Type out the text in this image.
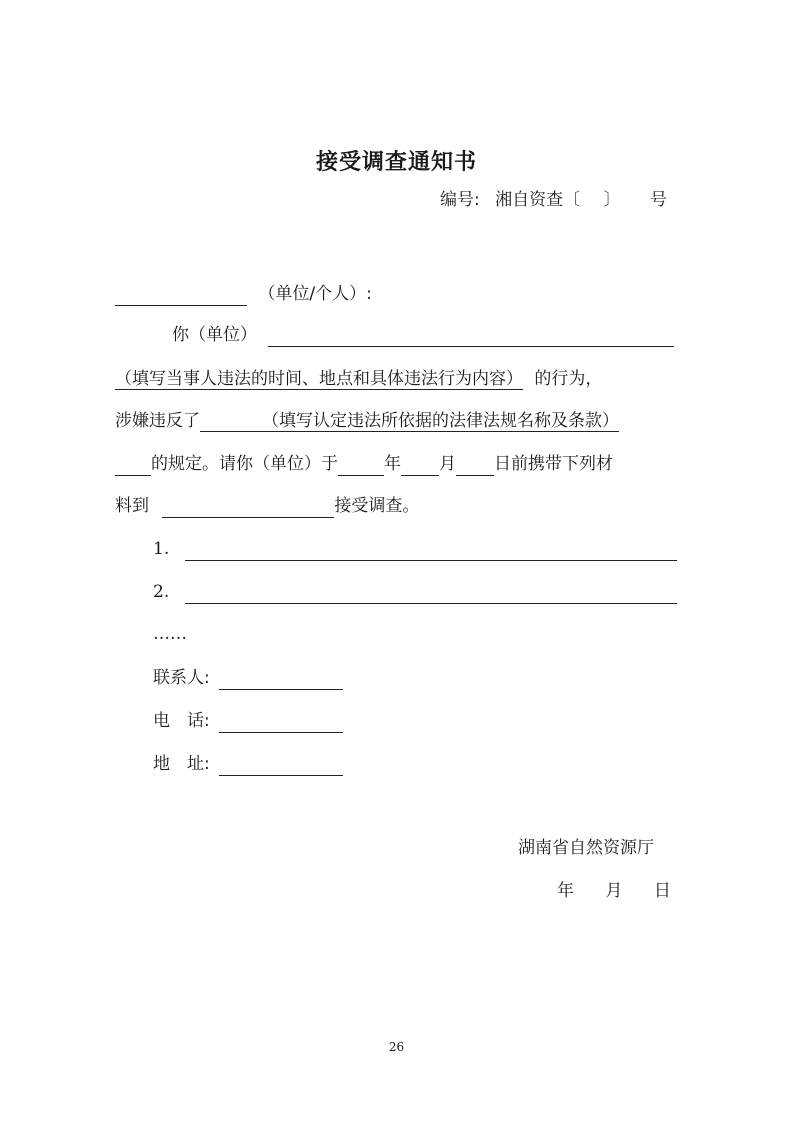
接受调查通知书
编号: 湘自资查〔 〕 号
（单位/个人）:
你（单位）
（填写当事人违法的时间、地点和具体违法行为内容） 的行为，
涉嫌违反了	（填写认定违法所依据的法律法规名称及条款）
的规定。请你（单位）于	年 月 日前携带下列材
料到	接受调查。
1.
2.
……
联系人:
电　话:
地　址:
湖南省自然资源厅
年 月 日
26
